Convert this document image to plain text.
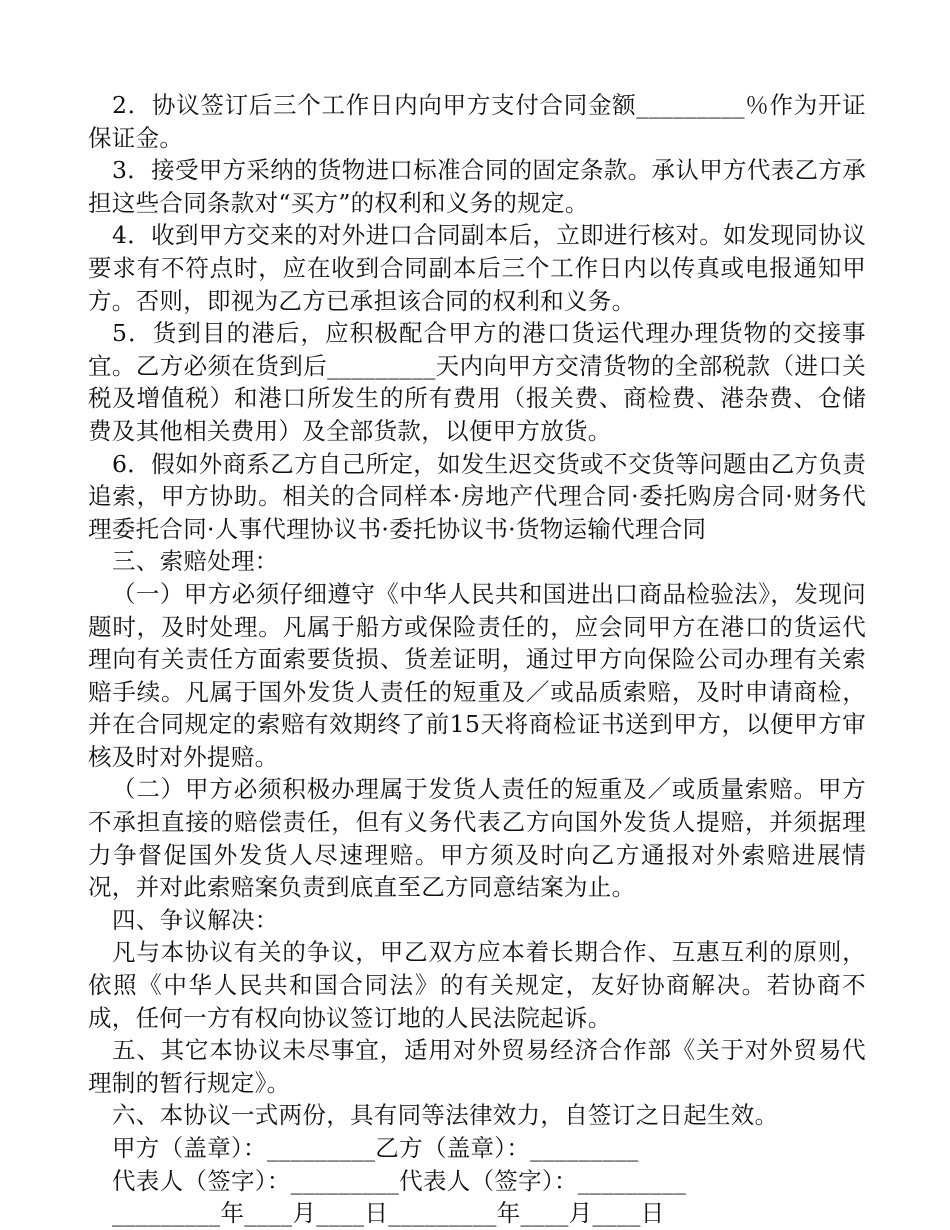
2．协议签订后三个工作日内向甲方支付合同金额_________％作为开证保证金。

3．接受甲方采纳的货物进口标准合同的固定条款。承认甲方代表乙方承担这些合同条款对“买方”的权利和义务的规定。

4．收到甲方交来的对外进口合同副本后，立即进行核对。如发现同协议要求有不符点时，应在收到合同副本后三个工作日内以传真或电报通知甲方。否则，即视为乙方已承担该合同的权利和义务。

5．货到目的港后，应积极配合甲方的港口货运代理办理货物的交接事宜。乙方必须在货到后_________天内向甲方交清货物的全部税款（进口关税及增值税）和港口所发生的所有费用（报关费、商检费、港杂费、仓储费及其他相关费用）及全部货款，以便甲方放货。

6．假如外商系乙方自己所定，如发生迟交货或不交货等问题由乙方负责追索，甲方协助。相关的合同样本·房地产代理合同·委托购房合同·财务代理委托合同·人事代理协议书·委托协议书·货物运输代理合同

三、索赔处理：

（一）甲方必须仔细遵守《中华人民共和国进出口商品检验法》，发现问题时，及时处理。凡属于船方或保险责任的，应会同甲方在港口的货运代理向有关责任方面索要货损、货差证明，通过甲方向保险公司办理有关索赔手续。凡属于国外发货人责任的短重及／或品质索赔，及时申请商检，并在合同规定的索赔有效期终了前15天将商检证书送到甲方，以便甲方审核及时对外提赔。

（二）甲方必须积极办理属于发货人责任的短重及／或质量索赔。甲方不承担直接的赔偿责任，但有义务代表乙方向国外发货人提赔，并须据理力争督促国外发货人尽速理赔。甲方须及时向乙方通报对外索赔进展情况，并对此索赔案负责到底直至乙方同意结案为止。

四、争议解决：

凡与本协议有关的争议，甲乙双方应本着长期合作、互惠互利的原则，依照《中华人民共和国合同法》的有关规定，友好协商解决。若协商不成，任何一方有权向协议签订地的人民法院起诉。

五、其它本协议未尽事宜，适用对外贸易经济合作部《关于对外贸易代理制的暂行规定》。

六、本协议一式两份，具有同等法律效力，自签订之日起生效。

甲方（盖章）：_________乙方（盖章）：_________

代表人（签字）：_________代表人（签字）：_________

_________年____月____日_________年____月____日
